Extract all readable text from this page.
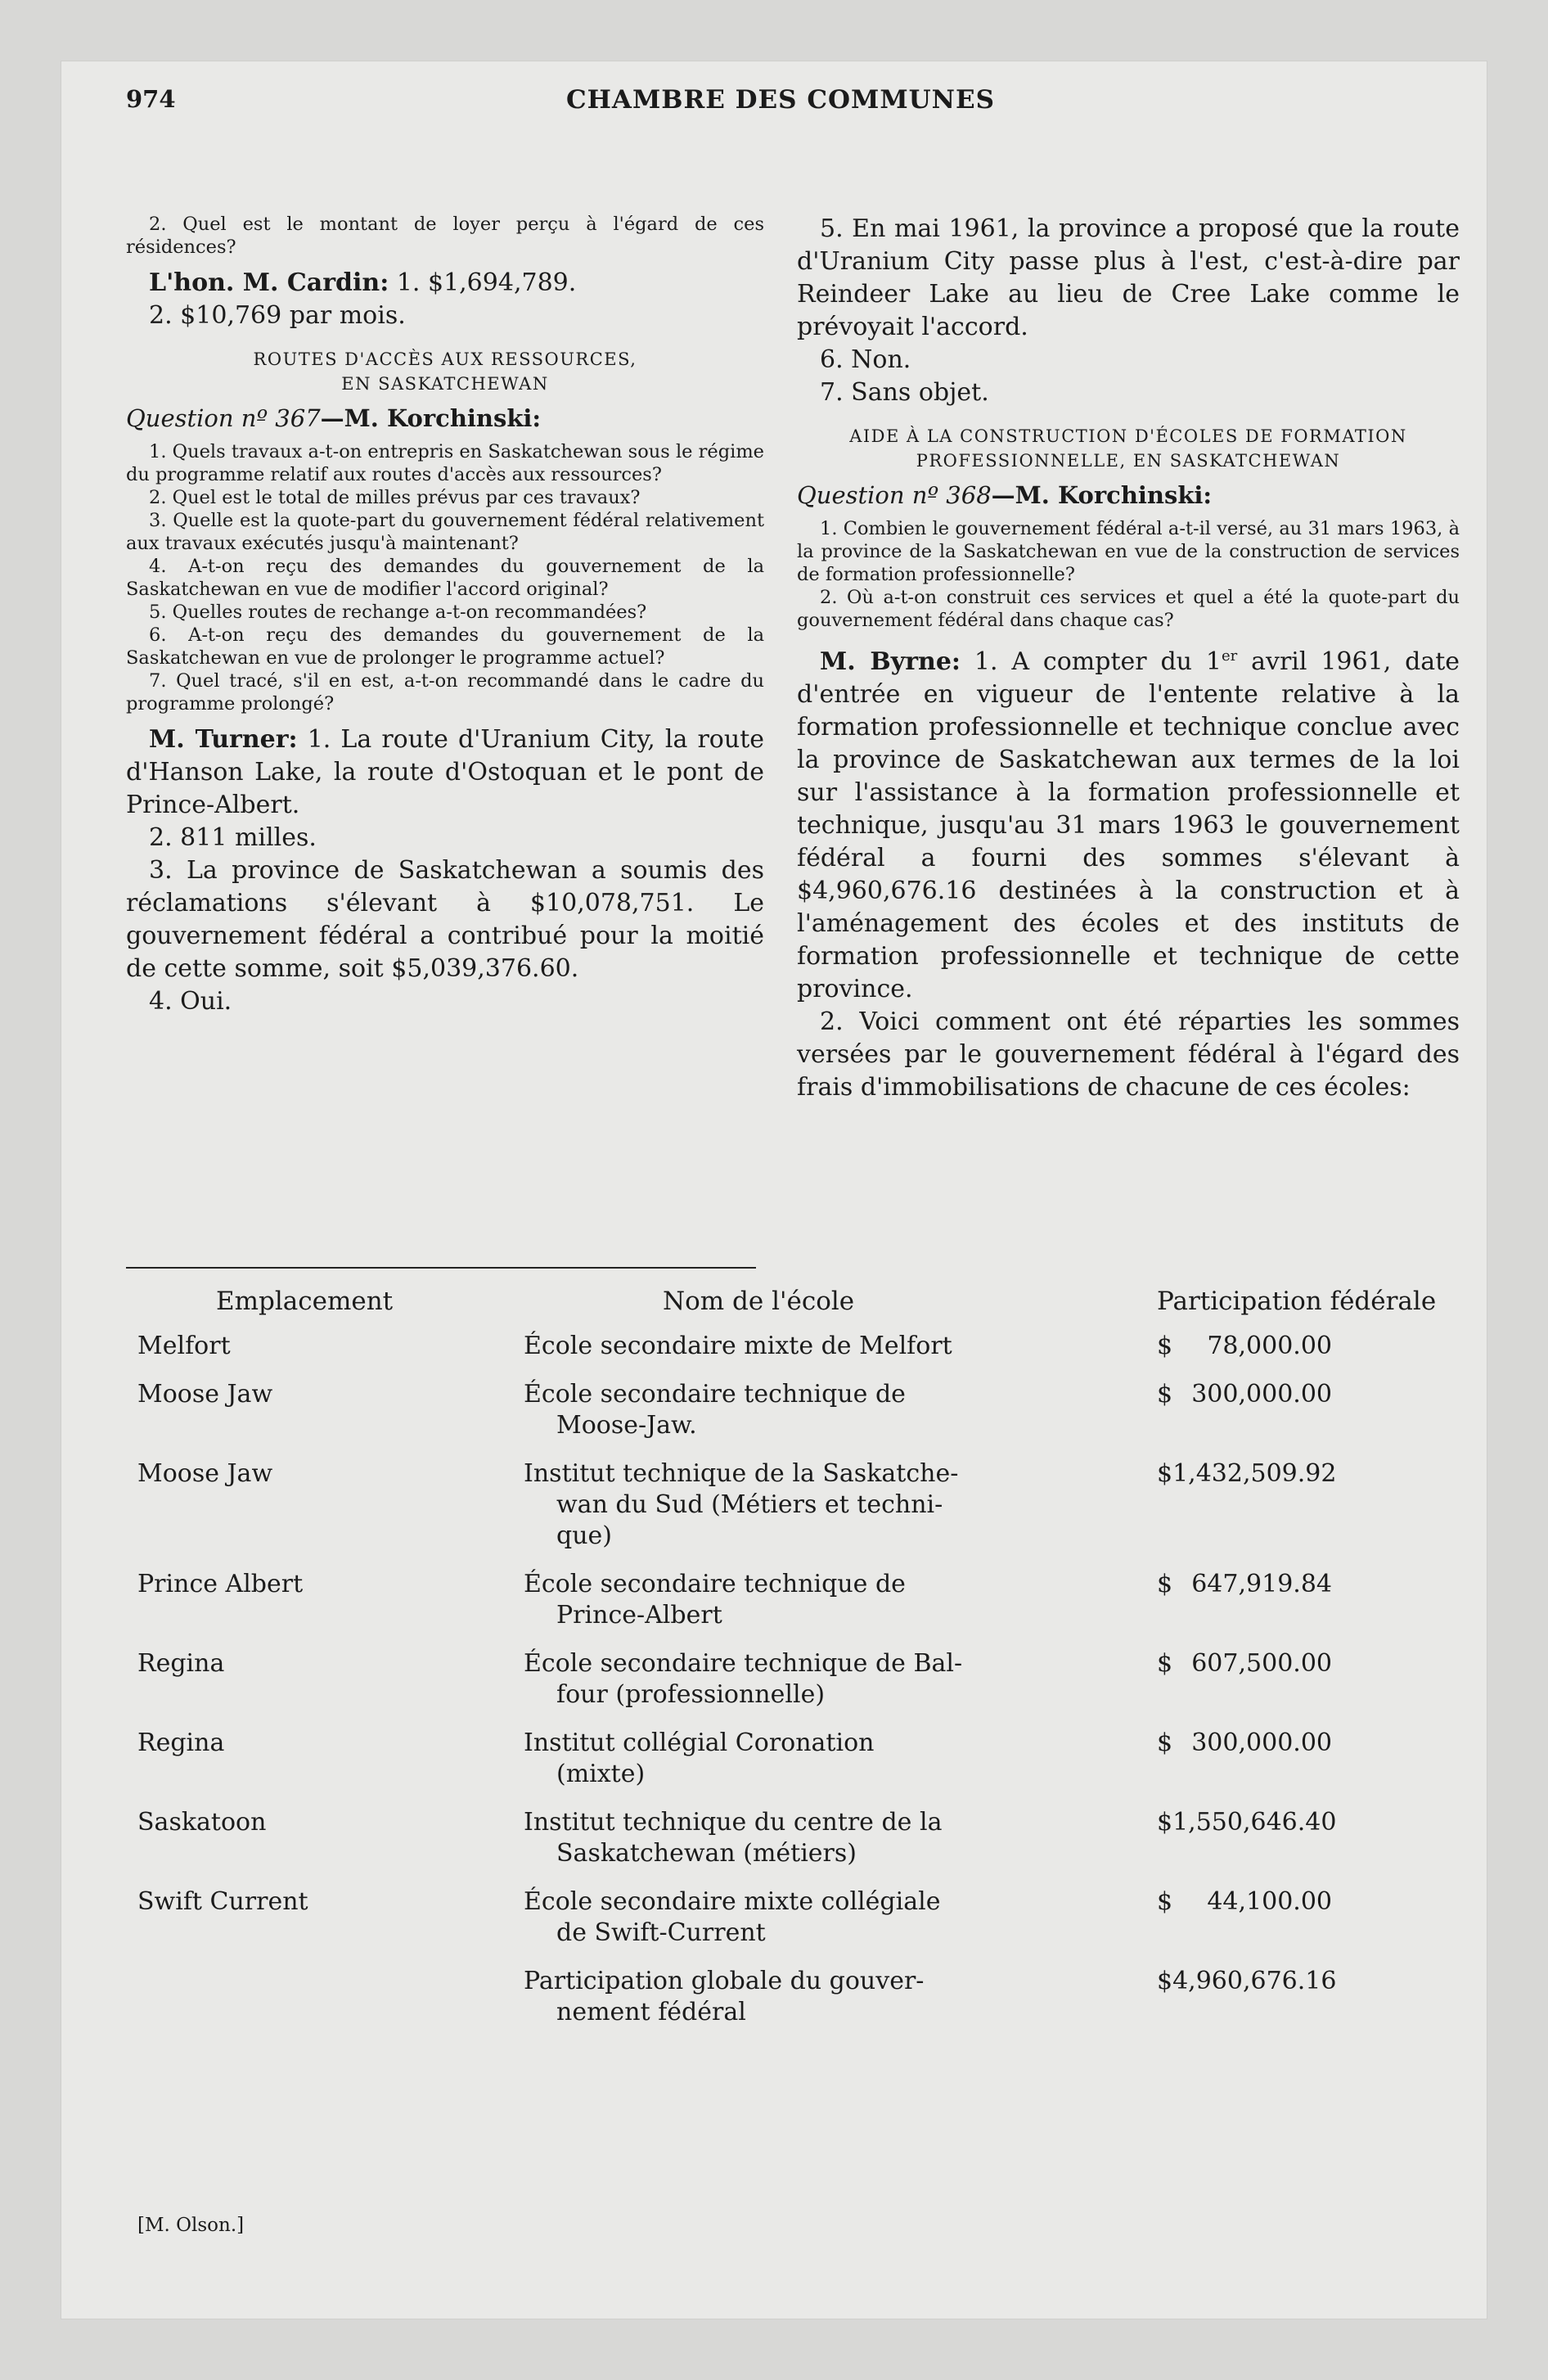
974	CHAMBRE DES COMMUNES

2. Quel est le montant de loyer perçu à l'égard de ces résidences?

L'hon. M. Cardin: 1. $1,694,789.

2. $10,769 par mois.

ROUTES D'ACCÈS AUX RESSOURCES,
EN SASKATCHEWAN

Question nº 367—M. Korchinski:

1. Quels travaux a-t-on entrepris en Saskatchewan sous le régime du programme relatif aux routes d'accès aux ressources?

2. Quel est le total de milles prévus par ces travaux?

3. Quelle est la quote-part du gouvernement fédéral relativement aux travaux exécutés jusqu'à maintenant?

4. A-t-on reçu des demandes du gouvernement de la Saskatchewan en vue de modifier l'accord original?

5. Quelles routes de rechange a-t-on recommandées?

6. A-t-on reçu des demandes du gouvernement de la Saskatchewan en vue de prolonger le programme actuel?

7. Quel tracé, s'il en est, a-t-on recommandé dans le cadre du programme prolongé?

M. Turner: 1. La route d'Uranium City, la route d'Hanson Lake, la route d'Ostoquan et le pont de Prince-Albert.

2. 811 milles.

3. La province de Saskatchewan a soumis des réclamations s'élevant à $10,078,751. Le gouvernement fédéral a contribué pour la moitié de cette somme, soit $5,039,376.60.

4. Oui.

5. En mai 1961, la province a proposé que la route d'Uranium City passe plus à l'est, c'est-à-dire par Reindeer Lake au lieu de Cree Lake comme le prévoyait l'accord.

6. Non.

7. Sans objet.

AIDE À LA CONSTRUCTION D'ÉCOLES DE FORMATION
PROFESSIONNELLE, EN SASKATCHEWAN

Question nº 368—M. Korchinski:

1. Combien le gouvernement fédéral a-t-il versé, au 31 mars 1963, à la province de la Saskatchewan en vue de la construction de services de formation professionnelle?

2. Où a-t-on construit ces services et quel a été la quote-part du gouvernement fédéral dans chaque cas?

M. Byrne: 1. A compter du 1er avril 1961, date d'entrée en vigueur de l'entente relative à la formation professionnelle et technique conclue avec la province de Saskatchewan aux termes de la loi sur l'assistance à la formation professionnelle et technique, jusqu'au 31 mars 1963 le gouvernement fédéral a fourni des sommes s'élevant à $4,960,676.16 destinées à la construction et à l'aménagement des écoles et des instituts de formation professionnelle et technique de cette province.

2. Voici comment ont été réparties les sommes versées par le gouvernement fédéral à l'égard des frais d'immobilisations de chacune de ces écoles:

Emplacement	Nom de l'école	Participation fédérale
Melfort	École secondaire mixte de Melfort	$ 78,000.00

Moose Jaw	École secondaire technique de
Moose-Jaw.	$ 300,000.00

Moose Jaw	Institut technique de la Saskatche-
wan du Sud (Métiers et techni-
que)	$1,432,509.92

Prince Albert	École secondaire technique de
Prince-Albert	$ 647,919.84

Regina	École secondaire technique de Bal-
four (professionnelle)	$ 607,500.00

Regina	Institut collégial Coronation
(mixte)	$ 300,000.00

Saskatoon	Institut technique du centre de la
Saskatchewan (métiers)	$1,550,646.40

Swift Current	École secondaire mixte collégiale
de Swift-Current	$ 44,100.00

	Participation globale du gouver-
nement fédéral	$4,960,676.16
[M. Olson.]
